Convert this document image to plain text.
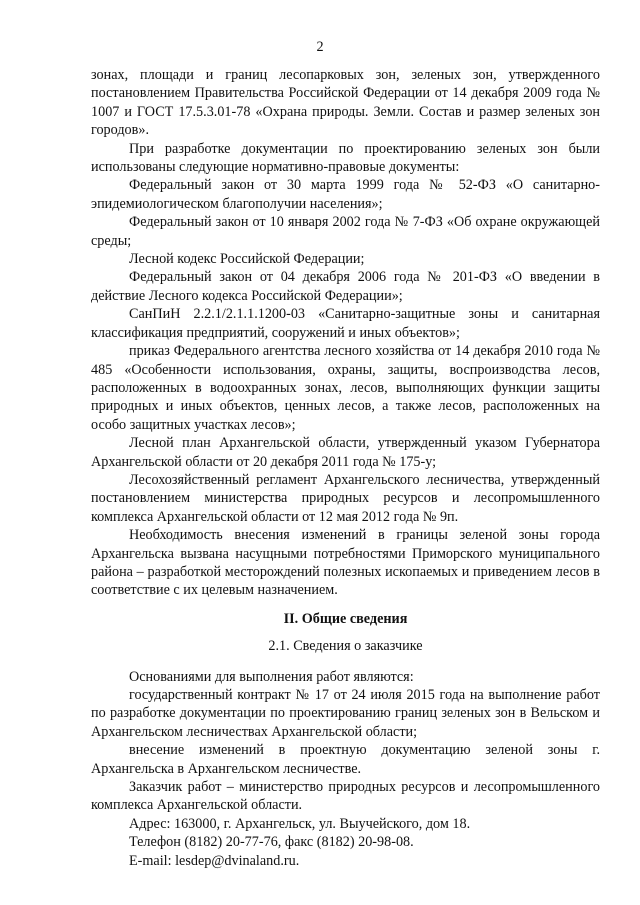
2

зонах, площади и границ лесопарковых зон, зеленых зон, утвержденного постановлением Правительства Российской Федерации от 14 декабря 2009 года № 1007 и ГОСТ 17.5.3.01-78 «Охрана природы. Земли. Состав и размер зеленых зон городов».

При разработке документации по проектированию зеленых зон были использованы следующие нормативно-правовые документы:

Федеральный закон от 30 марта 1999 года № 52-ФЗ «О санитарно-эпидемиологическом благополучии населения»;

Федеральный закон от 10 января 2002 года № 7-ФЗ «Об охране окружающей среды;

Лесной кодекс Российской Федерации;

Федеральный закон от 04 декабря 2006 года № 201-ФЗ «О введении в действие Лесного кодекса Российской Федерации»;

СанПиН 2.2.1/2.1.1.1200-03 «Санитарно-защитные зоны и санитарная классификация предприятий, сооружений и иных объектов»;

приказ Федерального агентства лесного хозяйства от 14 декабря 2010 года № 485 «Особенности использования, охраны, защиты, воспроизводства лесов, расположенных в водоохранных зонах, лесов, выполняющих функции защиты природных и иных объектов, ценных лесов, а также лесов, расположенных на особо защитных участках лесов»;

Лесной план Архангельской области, утвержденный указом Губернатора Архангельской области от 20 декабря 2011 года № 175-у;

Лесохозяйственный регламент Архангельского лесничества, утвержденный постановлением министерства природных ресурсов и лесопромышленного комплекса Архангельской области от 12 мая 2012 года № 9п.

Необходимость внесения изменений в границы зеленой зоны города Архангельска вызвана насущными потребностями Приморского муниципального района – разработкой месторождений полезных ископаемых и приведением лесов в соответствие с их целевым назначением.

II. Общие сведения

2.1. Сведения о заказчике

Основаниями для выполнения работ являются:

государственный контракт № 17 от 24 июля 2015 года на выполнение работ по разработке документации по проектированию границ зеленых зон в Вельском и Архангельском лесничествах Архангельской области;

внесение изменений в проектную документацию зеленой зоны г. Архангельска в Архангельском лесничестве.

Заказчик работ – министерство природных ресурсов и лесопромышленного комплекса Архангельской области.

Адрес: 163000, г. Архангельск, ул. Выучейского, дом 18.

Телефон (8182) 20-77-76, факс (8182) 20-98-08.

E-mail: lesdep@dvinaland.ru.
